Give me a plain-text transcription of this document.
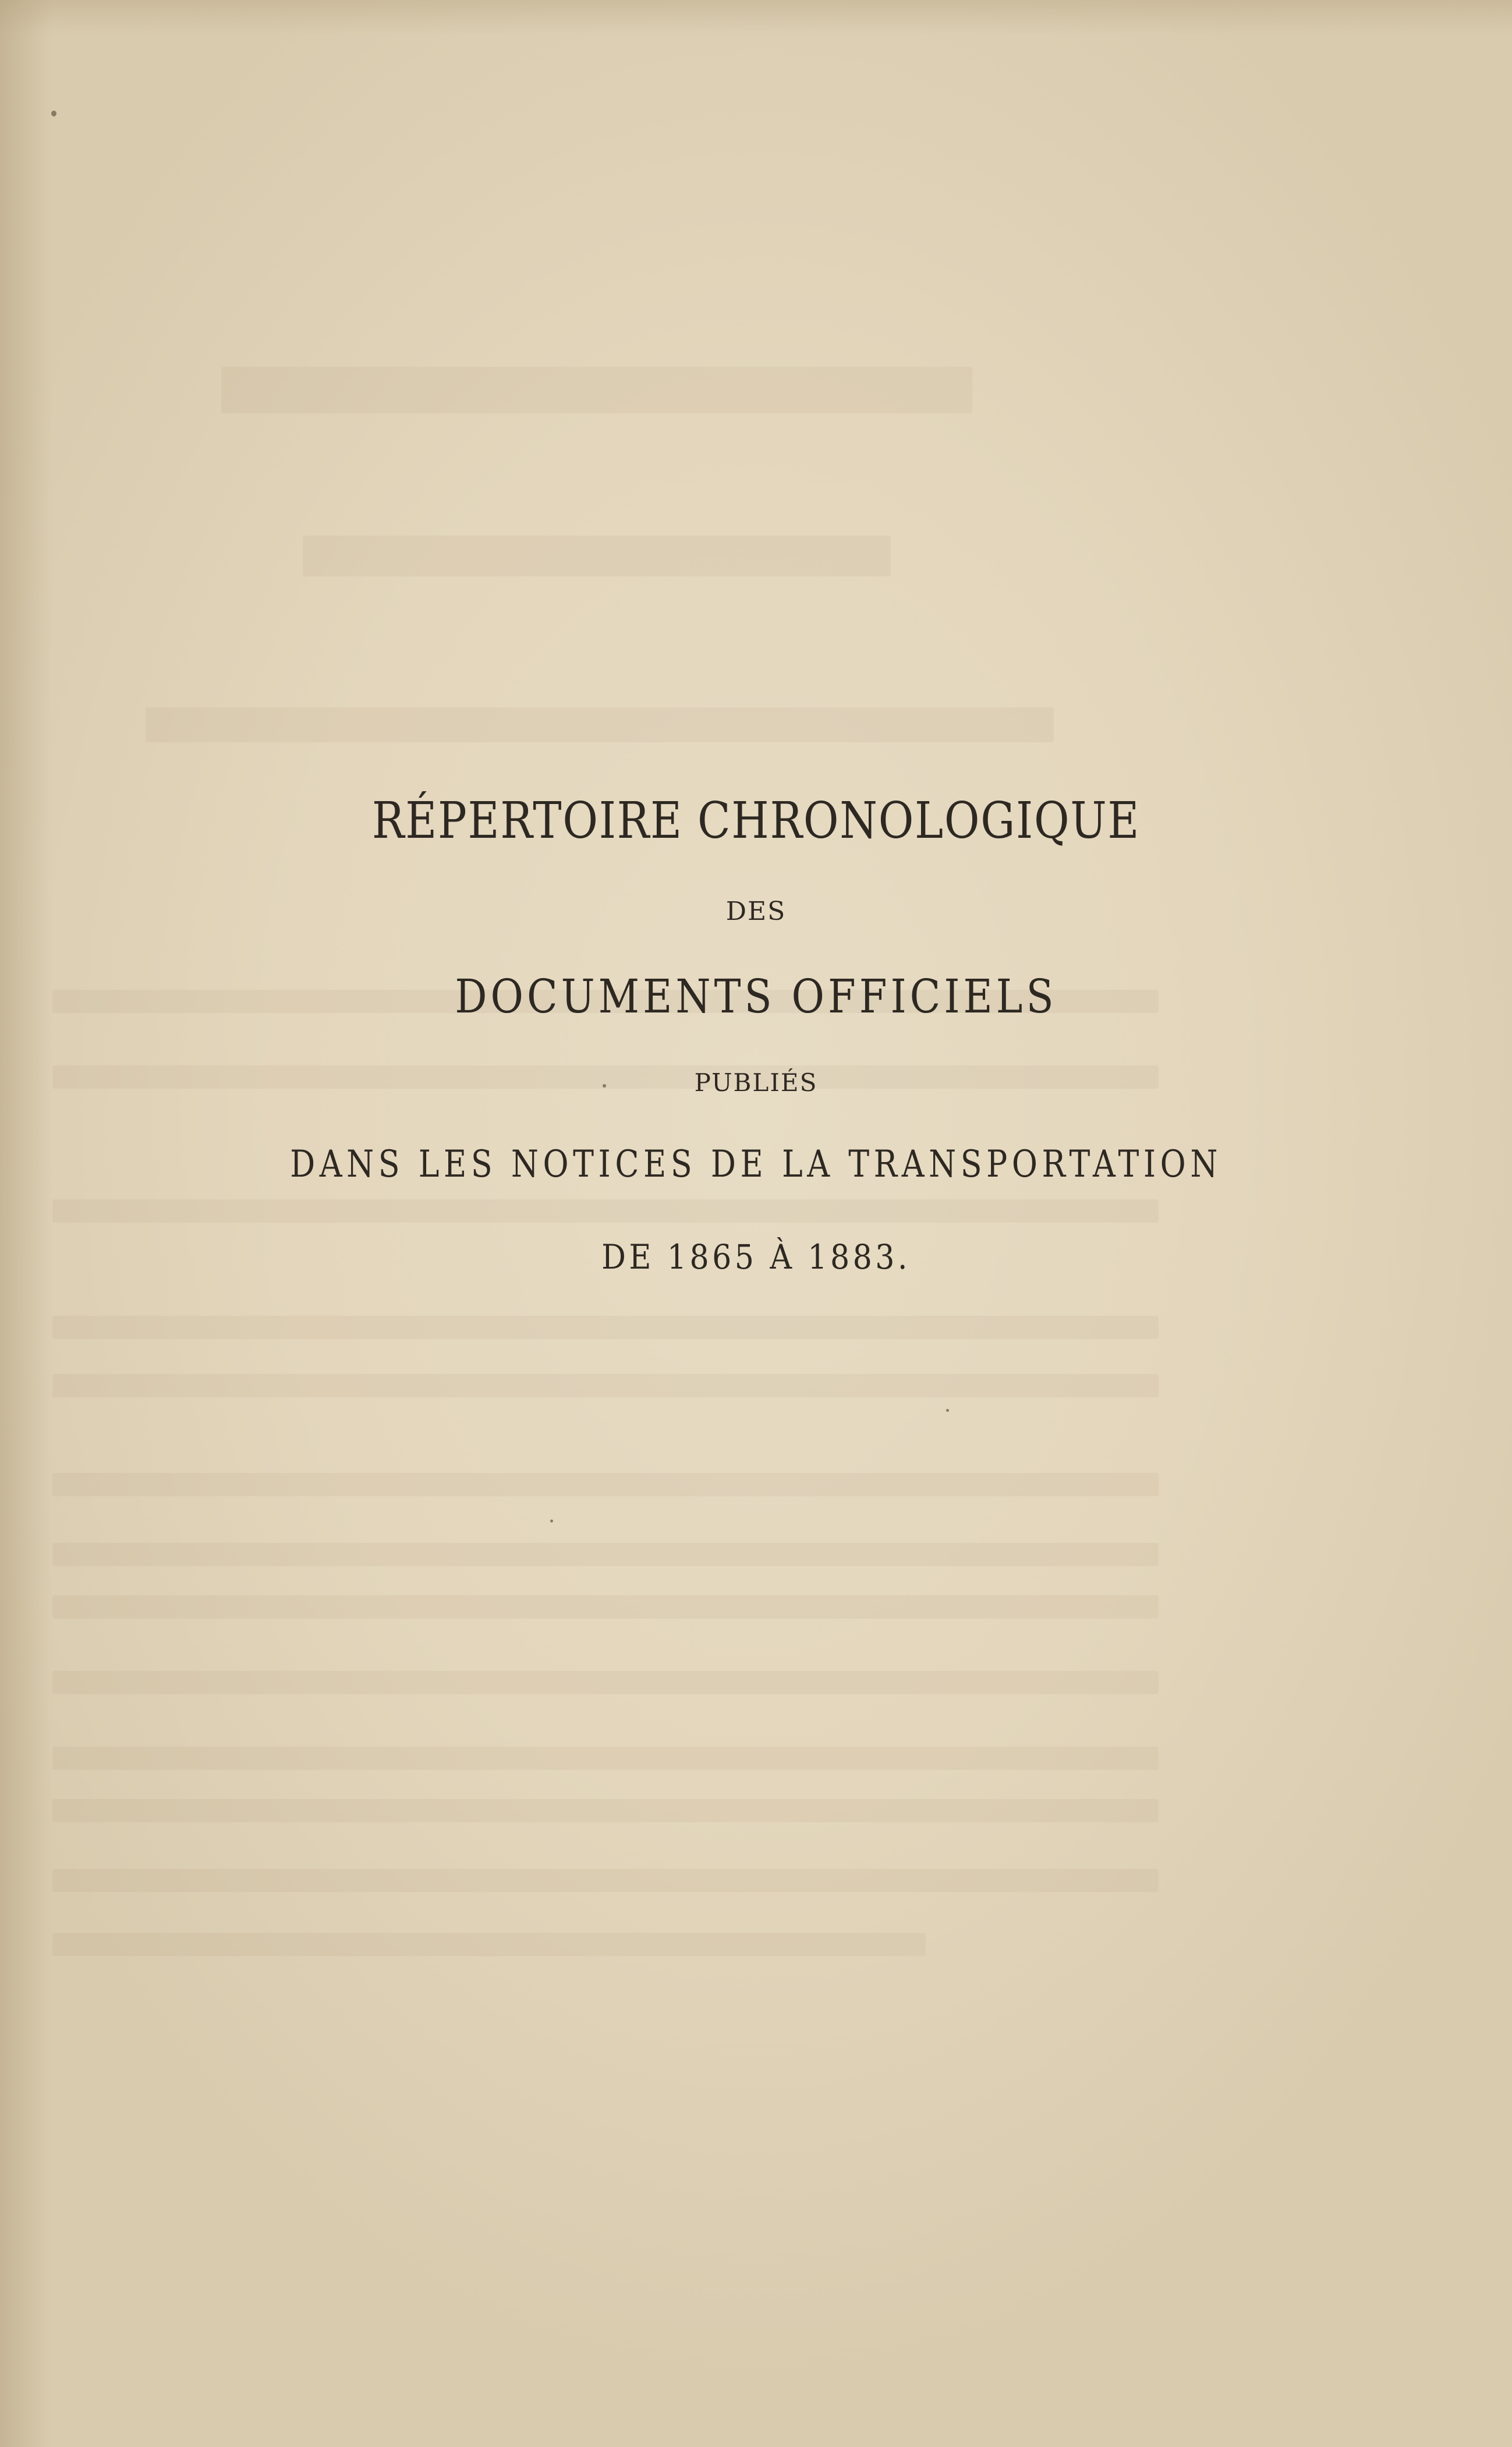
RÉPERTOIRE CHRONOLOGIQUE
DES
DOCUMENTS OFFICIELS
PUBLIÉS
DANS LES NOTICES DE LA TRANSPORTATION
DE 1865 À 1883.
